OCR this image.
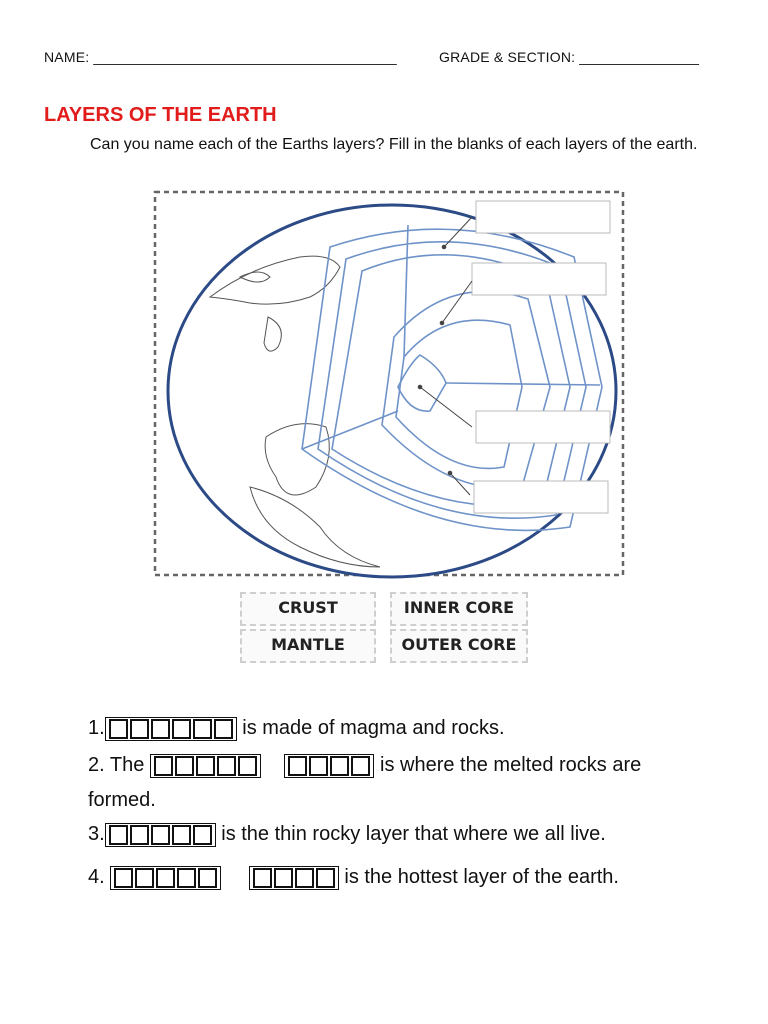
NAME: ______________________________________	GRADE & SECTION: _______________
LAYERS OF THE EARTH
Can you name each of the Earths layers? Fill in the blanks of each layers of the earth.
CRUST	INNER CORE
MANTLE	OUTER CORE
1.	is made of magma and rocks.
2. The
	is where the melted rocks are
formed.
3.	is the thin rocky layer that where we all live.
4.
	is the hottest layer of the earth.
